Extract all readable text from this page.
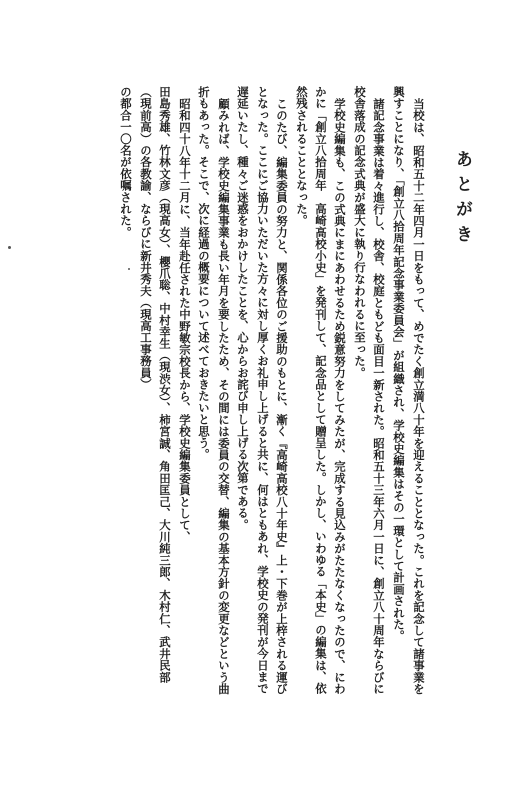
あとがき
当校は、昭和五十二年四月一日をもって、めでたく創立満八十年を迎えることとなった。これを記念して諸事業を
興すことになり、「創立八拾周年記念事業委員会」が組織され、学校史編集はその一環として計画された。
諸記念事業は着々進行し、校舎、校庭ともども面目一新された。昭和五十三年六月一日に、創立八十周年ならびに
校舎落成の記念式典が盛大に執り行なわれるに至った。
学校史編集も、この式典にまにあわせるため鋭意努力をしてみたが、完成する見込みがたたなくなったので、にわ
かに「創立八拾周年　高崎高校小史」を発刊して、記念品として贈呈した。しかし、いわゆる「本史」の編集は、依
然残されることとなった。
このたび、編集委員の努力と、関係各位のご援助のもとに、漸く『高崎高校八十年史』上・下巻が上梓される運び
となった。ここにご協力いただいた方々に対し厚くお礼申し上げると共に、何はともあれ、学校史の発刊が今日まで
遅延いたし、種々ご迷惑をおかけしたことを、心からお詫び申し上げる次第である。
顧みれば、学校史編集事業も長い年月を要したため、その間には委員の交替、編集の基本方針の変更などという曲
折もあった。そこで、次に経過の概要について述べておきたいと思う。
昭和四十八年十二月に、当年赴任された中野敏宗校長から、学校史編集委員として、
田島秀雄、竹林文彦（現高女）、櫻爪聡、中村幸生（現渋女）、柿宮誠、角田匡己、大川純三郎、木村仁、武井民部
（現前高）の各教諭、ならびに新井秀夫（現高工事務員）
の都合一〇名が依嘱された。
